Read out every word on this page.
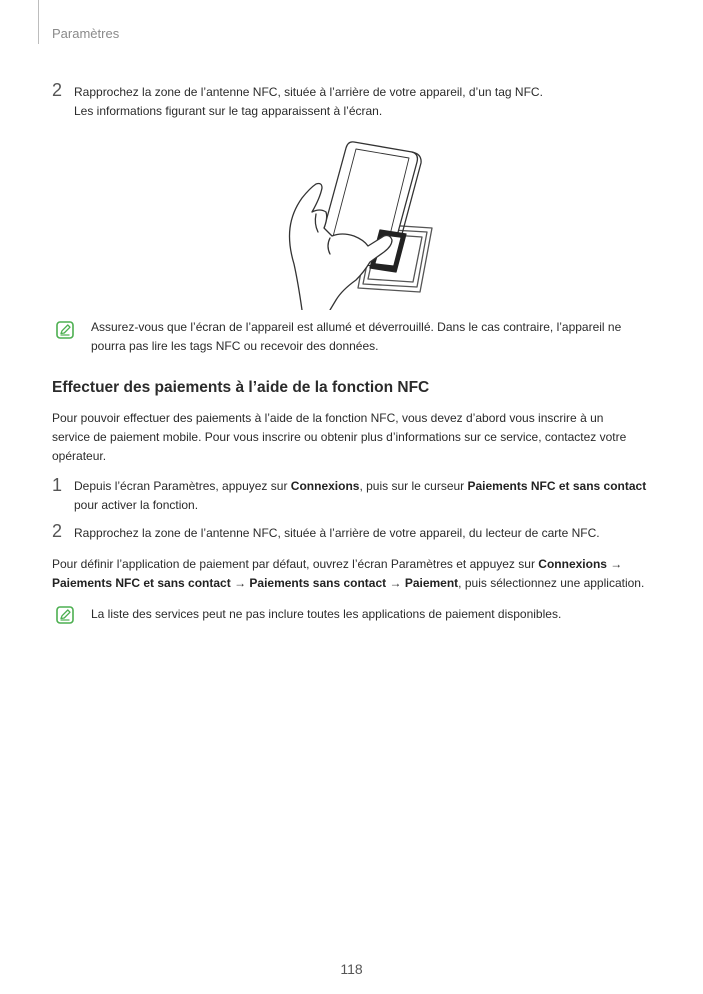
Paramètres
2 Rapprochez la zone de l’antenne NFC, située à l’arrière de votre appareil, d’un tag NFC.
Les informations figurant sur le tag apparaissent à l’écran.
Assurez-vous que l’écran de l’appareil est allumé et déverrouillé. Dans le cas contraire, l’appareil ne
pourra pas lire les tags NFC ou recevoir des données.
Effectuer des paiements à l’aide de la fonction NFC
Pour pouvoir effectuer des paiements à l’aide de la fonction NFC, vous devez d’abord vous inscrire à un
service de paiement mobile. Pour vous inscrire ou obtenir plus d’informations sur ce service, contactez votre
opérateur.
1 Depuis l’écran Paramètres, appuyez sur Connexions, puis sur le curseur Paiements NFC et sans contact
pour activer la fonction.
2 Rapprochez la zone de l’antenne NFC, située à l’arrière de votre appareil, du lecteur de carte NFC.
Pour définir l’application de paiement par défaut, ouvrez l’écran Paramètres et appuyez sur Connexions →
Paiements NFC et sans contact → Paiements sans contact → Paiement, puis sélectionnez une application.
La liste des services peut ne pas inclure toutes les applications de paiement disponibles.
118
